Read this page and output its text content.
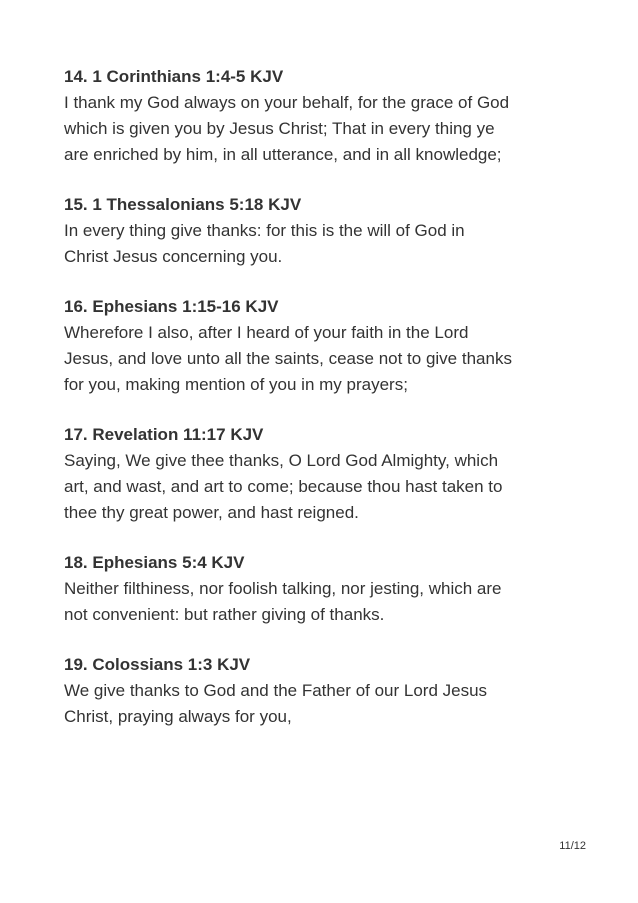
14. 1 Corinthians 1:4-5 KJV

I thank my God always on your behalf, for the grace of God

which is given you by Jesus Christ; That in every thing ye

are enriched by him, in all utterance, and in all knowledge;

15. 1 Thessalonians 5:18 KJV

In every thing give thanks: for this is the will of God in

Christ Jesus concerning you.

16. Ephesians 1:15-16 KJV

Wherefore I also, after I heard of your faith in the Lord

Jesus, and love unto all the saints, cease not to give thanks

for you, making mention of you in my prayers;

17. Revelation 11:17 KJV

Saying, We give thee thanks, O Lord God Almighty, which

art, and wast, and art to come; because thou hast taken to

thee thy great power, and hast reigned.

18. Ephesians 5:4 KJV

Neither filthiness, nor foolish talking, nor jesting, which are

not convenient: but rather giving of thanks.

19. Colossians 1:3 KJV

We give thanks to God and the Father of our Lord Jesus

Christ, praying always for you,

11/12
